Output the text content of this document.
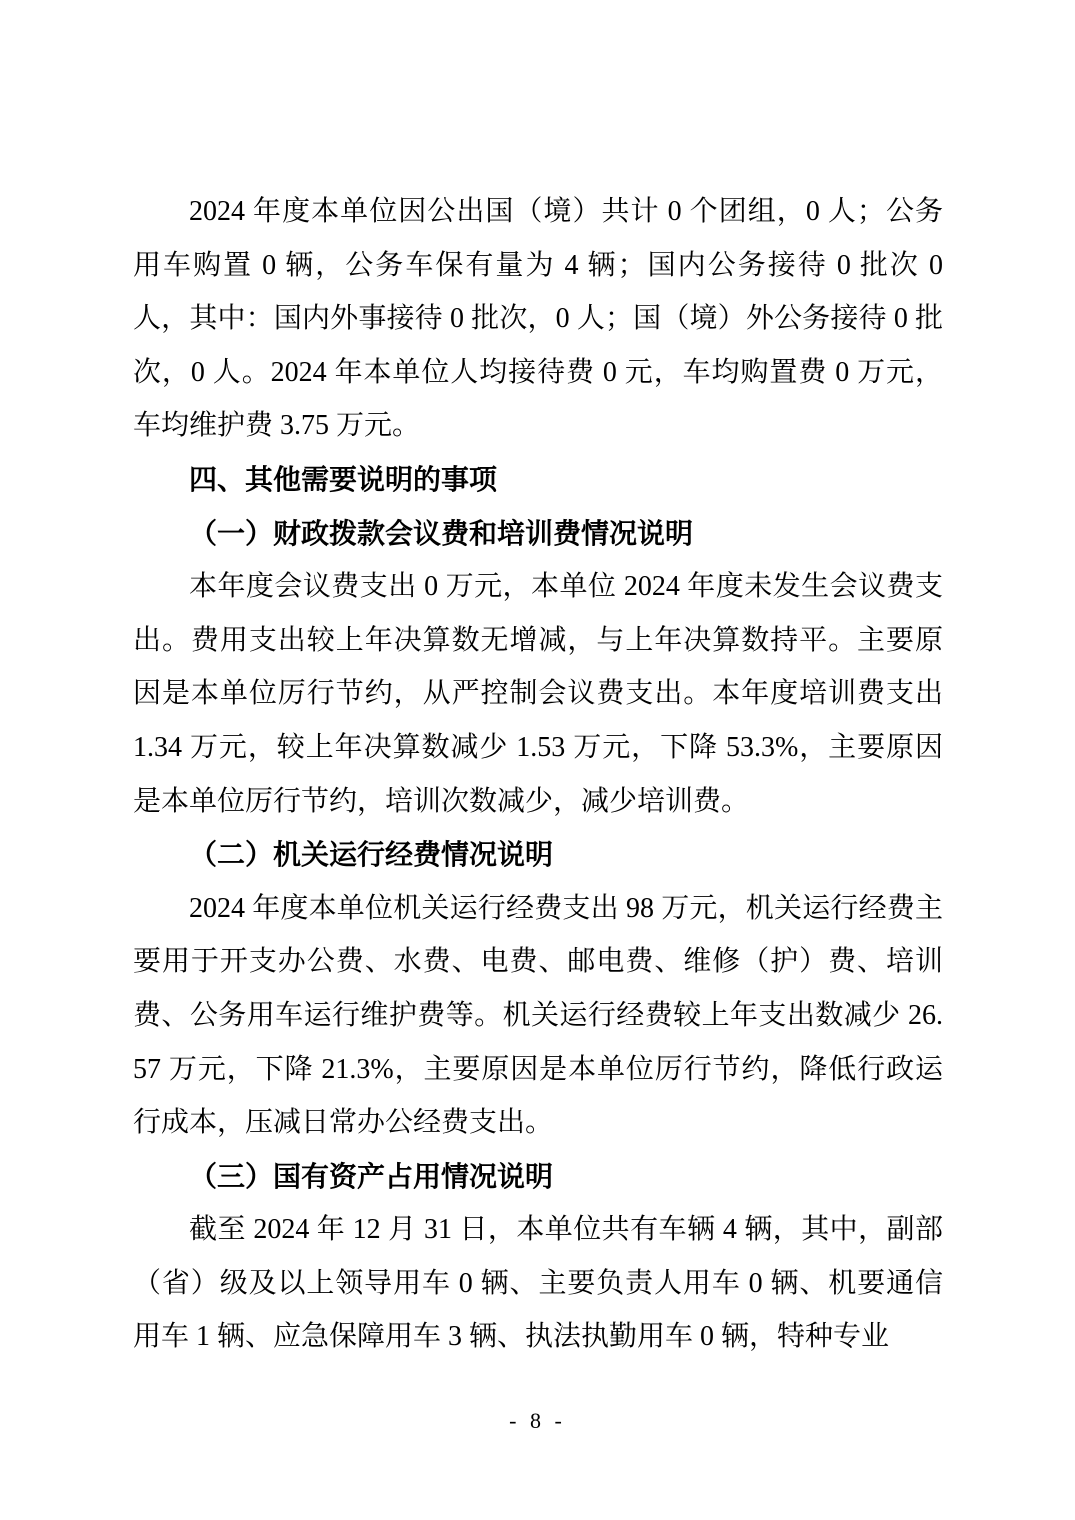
2024 年度本单位因公出国（境）共计 0 个团组，0 人；公务用车购置 0 辆，公务车保有量为 4 辆；国内公务接待 0 批次 0 人，其中：国内外事接待 0 批次，0 人；国（境）外公务接待 0 批次，0 人。2024 年本单位人均接待费 0 元，车均购置费 0 万元，车均维护费 3.75 万元。

四、其他需要说明的事项
（一）财政拨款会议费和培训费情况说明

本年度会议费支出 0 万元，本单位 2024 年度未发生会议费支出。费用支出较上年决算数无增减，与上年决算数持平。主要原因是本单位厉行节约，从严控制会议费支出。本年度培训费支出 1.34 万元，较上年决算数减少 1.53 万元，下降 53.3%，主要原因是本单位厉行节约，培训次数减少，减少培训费。

（二）机关运行经费情况说明

2024 年度本单位机关运行经费支出 98 万元，机关运行经费主要用于开支办公费、水费、电费、邮电费、维修（护）费、培训费、公务用车运行维护费等。机关运行经费较上年支出数减少 26.57 万元，下降 21.3%，主要原因是本单位厉行节约，降低行政运行成本，压减日常办公经费支出。

（三）国有资产占用情况说明

截至 2024 年 12 月 31 日，本单位共有车辆 4 辆，其中，副部（省）级及以上领导用车 0 辆、主要负责人用车 0 辆、机要通信用车 1 辆、应急保障用车 3 辆、执法执勤用车 0 辆，特种专业

- 8 -
